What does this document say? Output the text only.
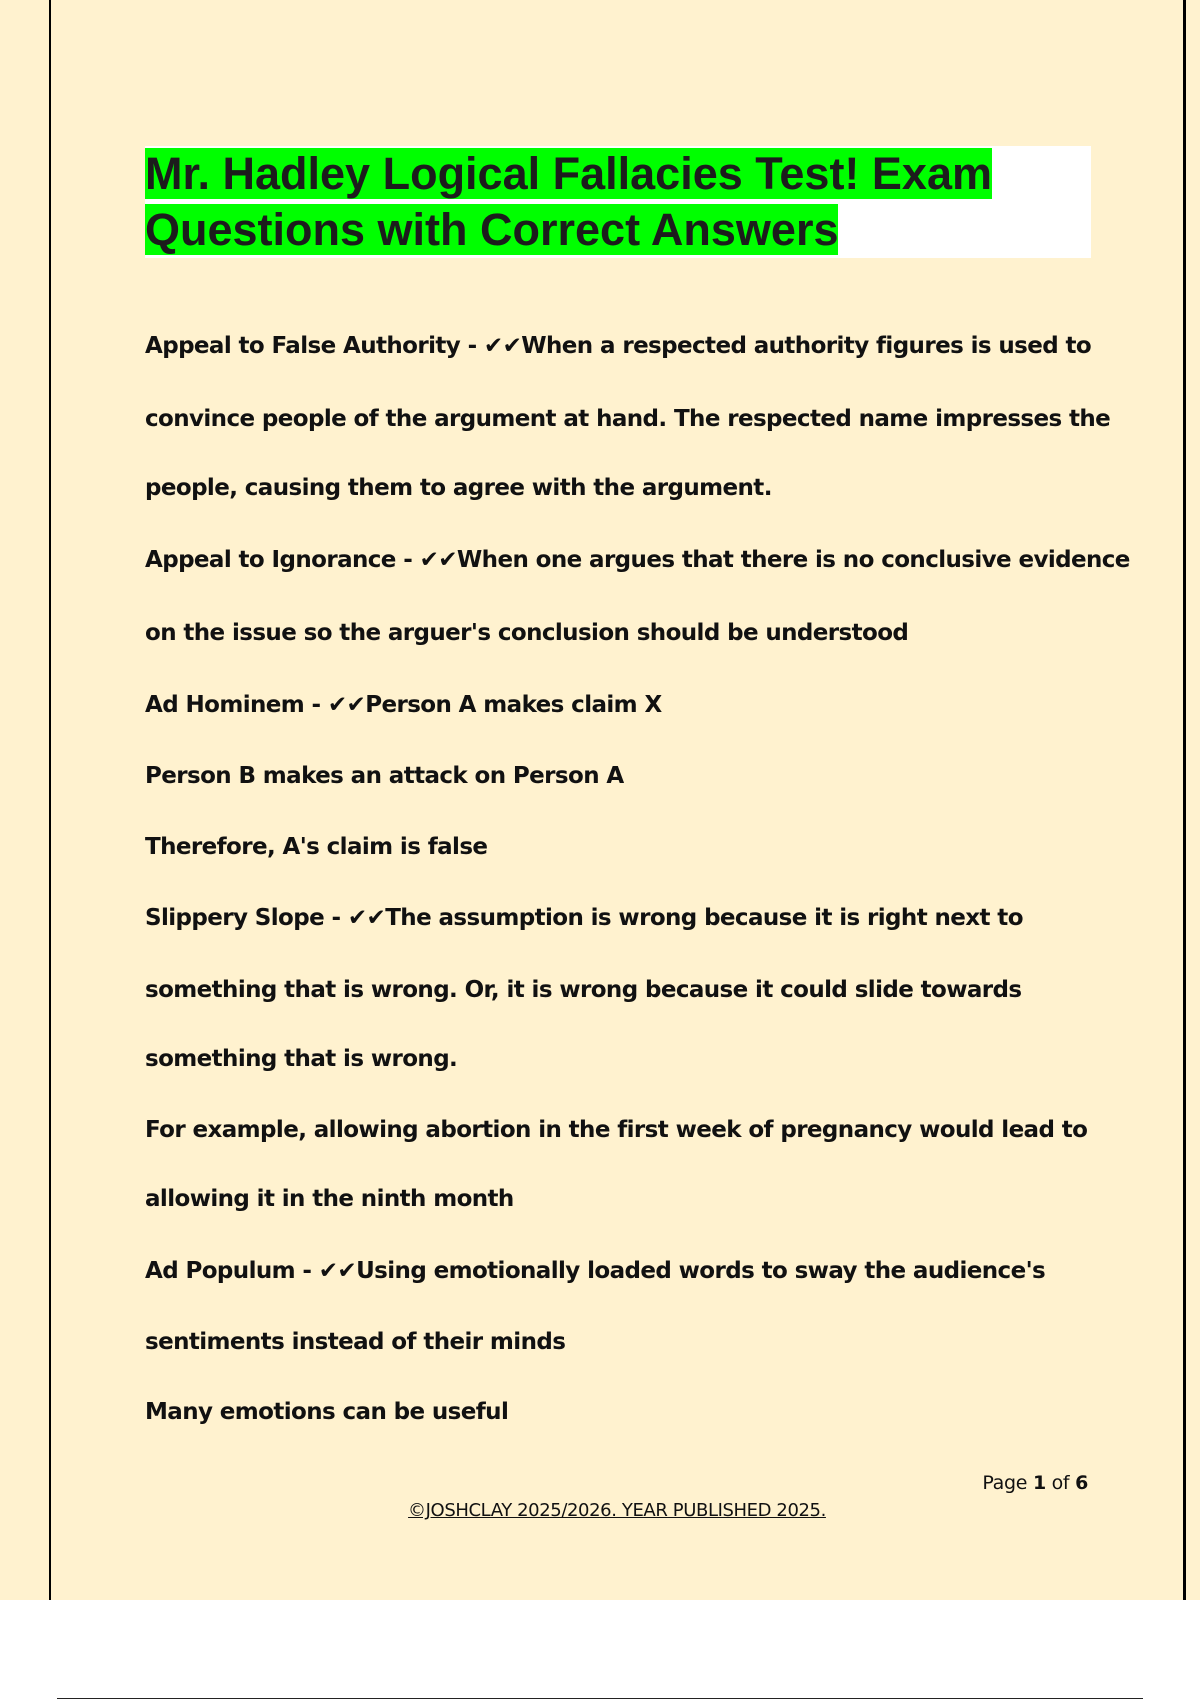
Mr. Hadley Logical Fallacies Test! Exam Questions with Correct Answers

Appeal to False Authority - ✔✔When a respected authority figures is used to

convince people of the argument at hand. The respected name impresses the

people, causing them to agree with the argument.

Appeal to Ignorance - ✔✔When one argues that there is no conclusive evidence

on the issue so the arguer's conclusion should be understood

Ad Hominem - ✔✔Person A makes claim X

Person B makes an attack on Person A

Therefore, A's claim is false

Slippery Slope - ✔✔The assumption is wrong because it is right next to

something that is wrong. Or, it is wrong because it could slide towards

something that is wrong.

For example, allowing abortion in the first week of pregnancy would lead to

allowing it in the ninth month

Ad Populum - ✔✔Using emotionally loaded words to sway the audience's

sentiments instead of their minds

Many emotions can be useful

Page 1 of 6
©JOSHCLAY 2025/2026. YEAR PUBLISHED 2025.
